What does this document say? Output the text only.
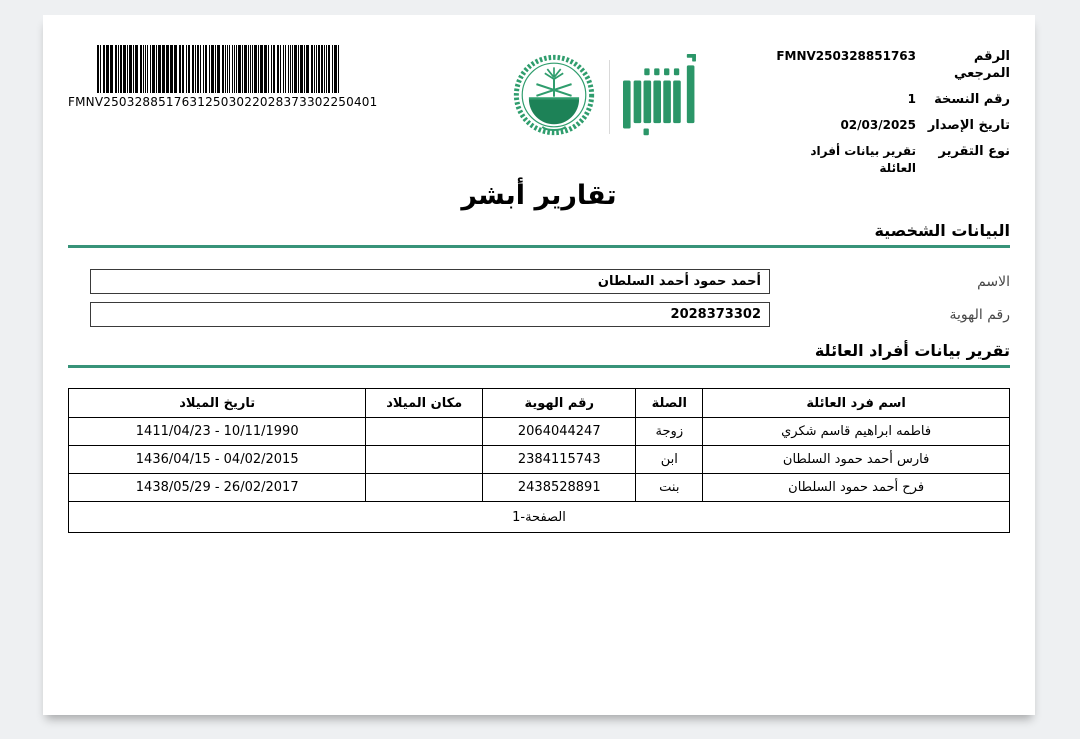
FMNV25032885176312503022028373302250401
الرقم المرجعي
FMNV250328851763
رقم النسخة
1
تاريخ الإصدار
02/03/2025
نوع التقرير
تقرير بيانات أفراد العائلة
تقارير أبشر
البيانات الشخصية
الاسم
أحمد حمود أحمد السلطان
رقم الهوية
2028373302
تقرير بيانات أفراد العائلة
اسم فرد العائلة	الصلة	رقم الهوية	مكان الميلاد	تاريخ الميلاد
فاطمه ابراهيم قاسم شكري	زوجة	2064044247		1411/04/23 - 10/11/1990
فارس أحمد حمود السلطان	ابن	2384115743		1436/04/15 - 04/02/2015
فرح أحمد حمود السلطان	بنت	2438528891		1438/05/29 - 26/02/2017
الصفحة-1				
